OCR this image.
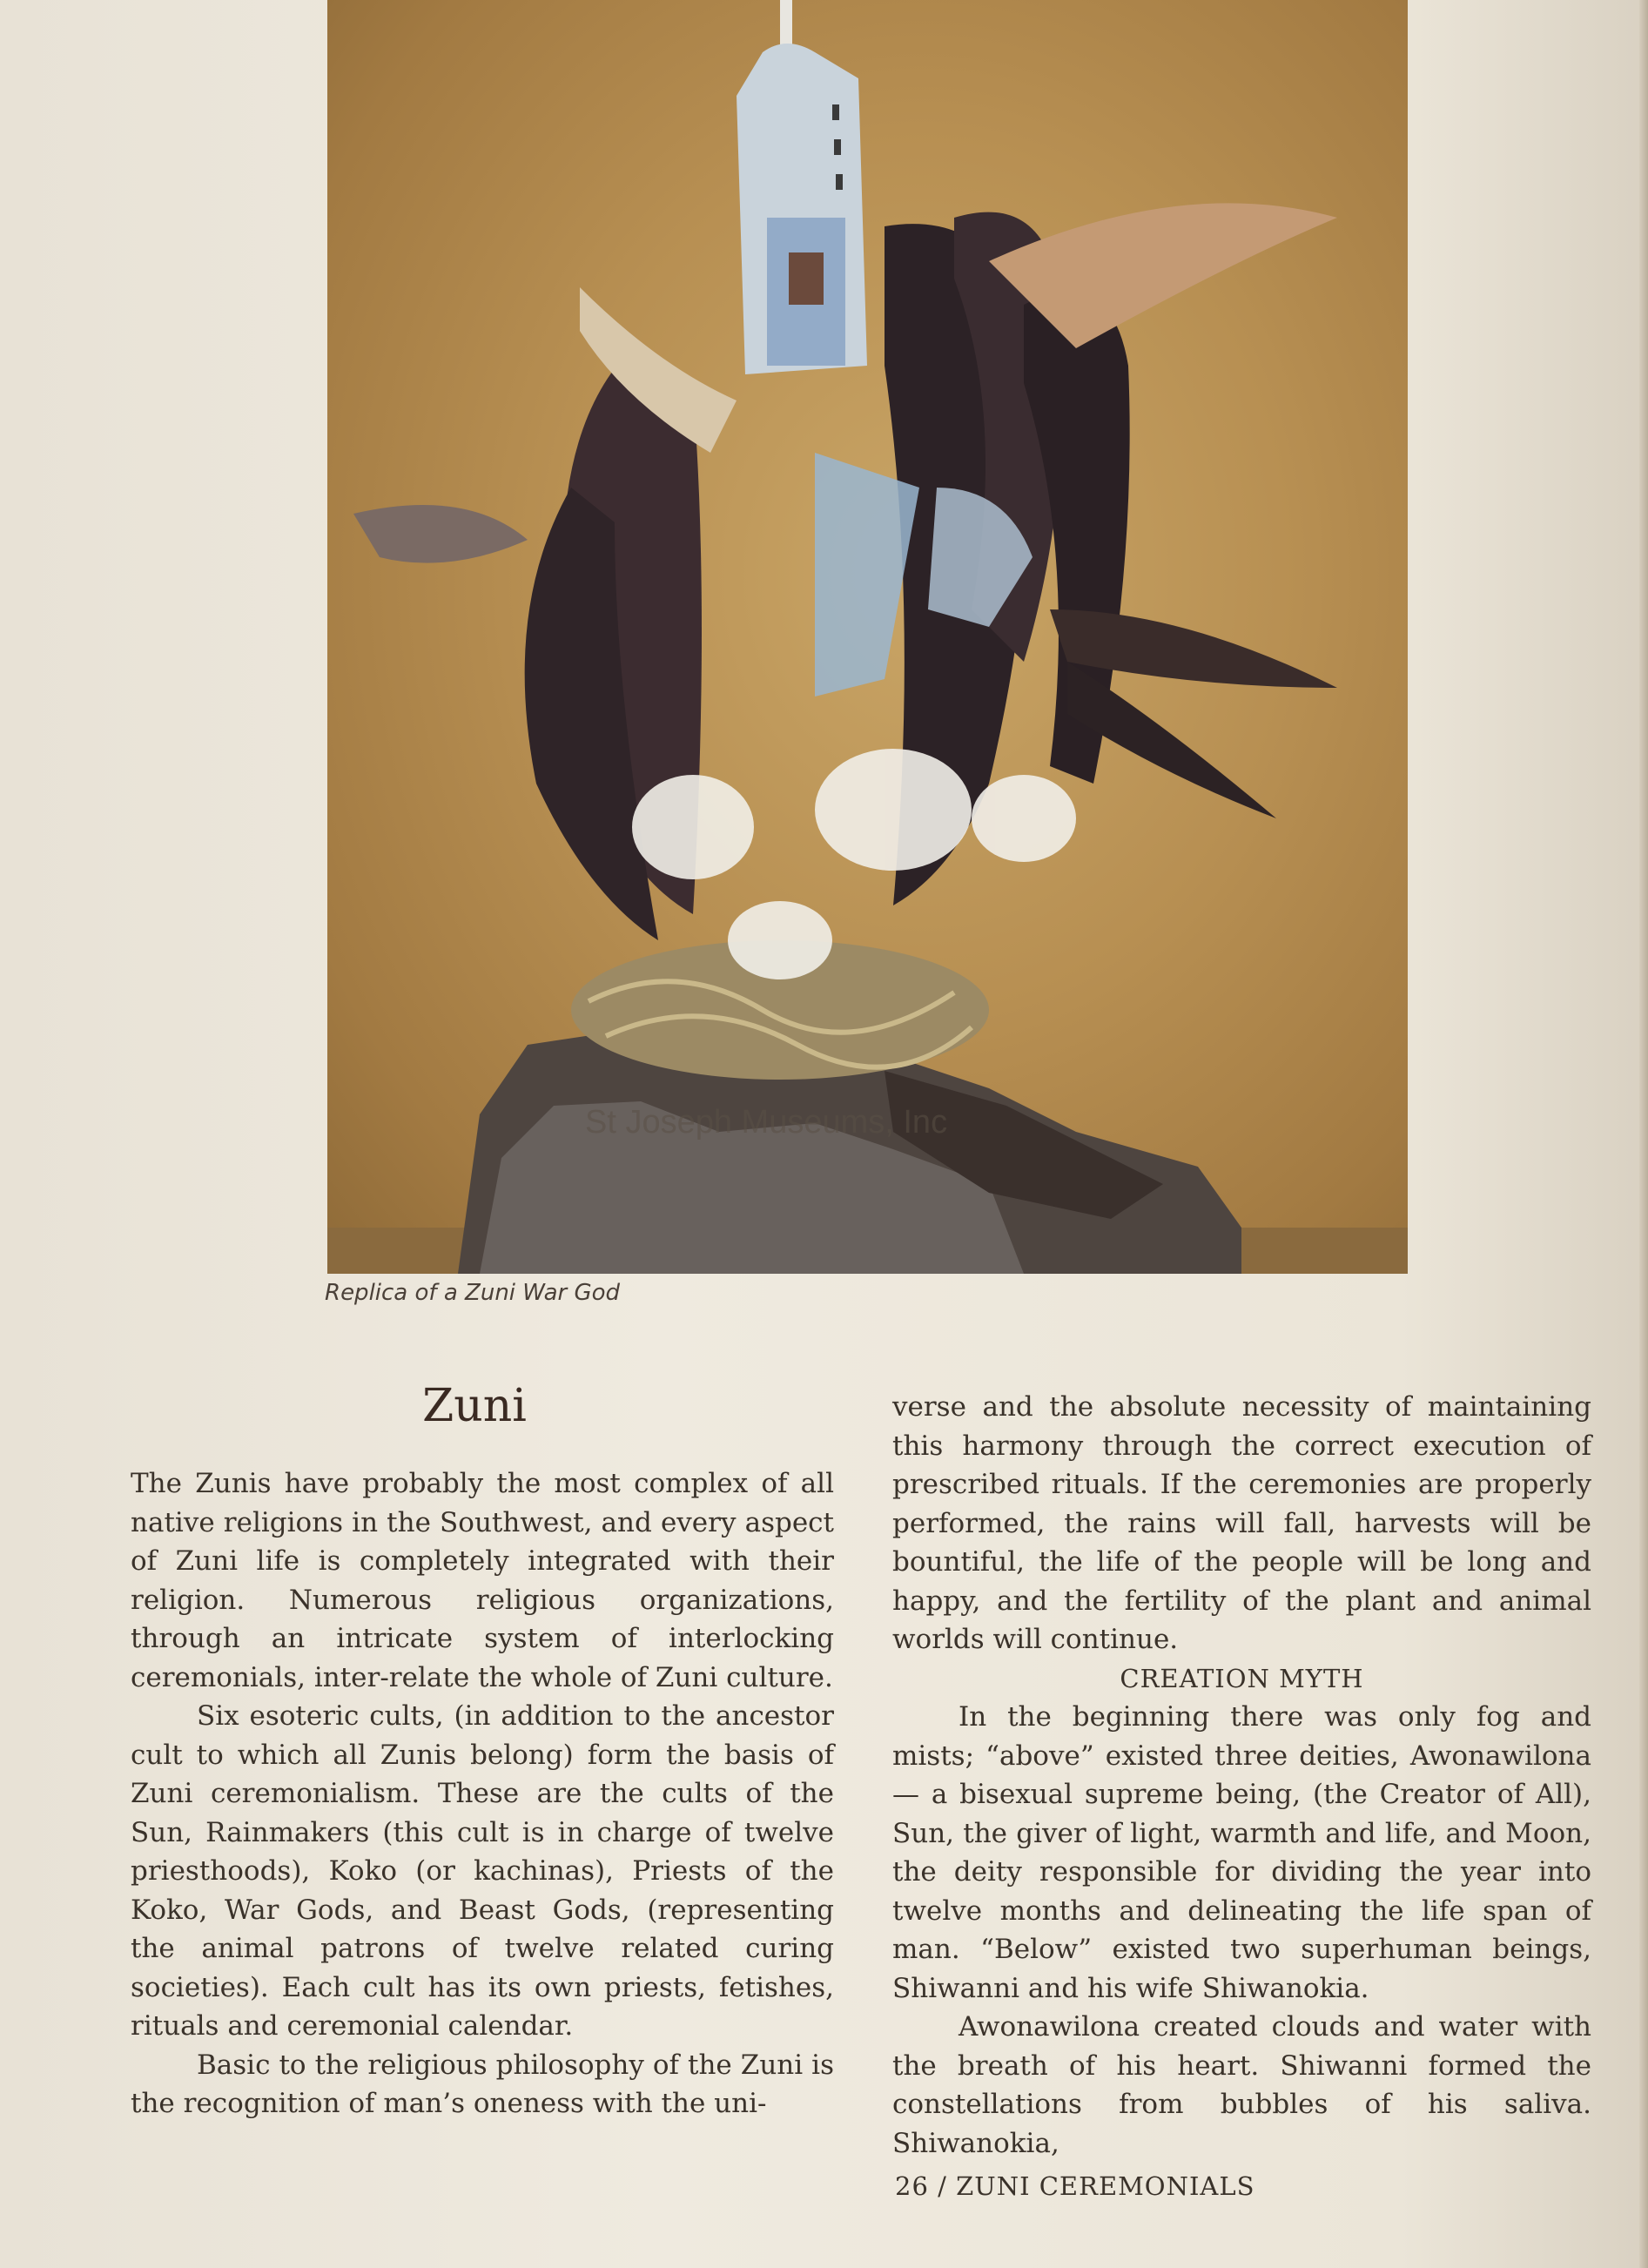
St Joseph Museums, Inc
Replica of a Zuni War God
Zuni

The Zunis have probably the most complex of all native religions in the Southwest, and every aspect of Zuni life is completely integrated with their religion. Numerous religious organizations, through an intricate system of interlocking ceremonials, inter-relate the whole of Zuni culture.

Six esoteric cults, (in addition to the ancestor cult to which all Zunis belong) form the basis of Zuni ceremonialism. These are the cults of the Sun, Rainmakers (this cult is in charge of twelve priesthoods), Koko (or kachinas), Priests of the Koko, War Gods, and Beast Gods, (representing the animal patrons of twelve related curing societies). Each cult has its own priests, fetishes, rituals and ceremonial calendar.

Basic to the religious philosophy of the Zuni is the recognition of man’s oneness with the uni-

verse and the absolute necessity of maintaining this harmony through the correct execution of prescribed rituals. If the ceremonies are properly performed, the rains will fall, harvests will be bountiful, the life of the people will be long and happy, and the fertility of the plant and animal worlds will continue.

CREATION MYTH

In the beginning there was only fog and mists; “above” existed three deities, Awonawilona — a bisexual supreme being, (the Creator of All), Sun, the giver of light, warmth and life, and Moon, the deity responsible for dividing the year into twelve months and delineating the life span of man. “Below” existed two superhuman beings, Shiwanni and his wife Shiwanokia.

Awonawilona created clouds and water with the breath of his heart. Shiwanni formed the constellations from bubbles of his saliva. Shiwanokia,

26 / ZUNI CEREMONIALS
